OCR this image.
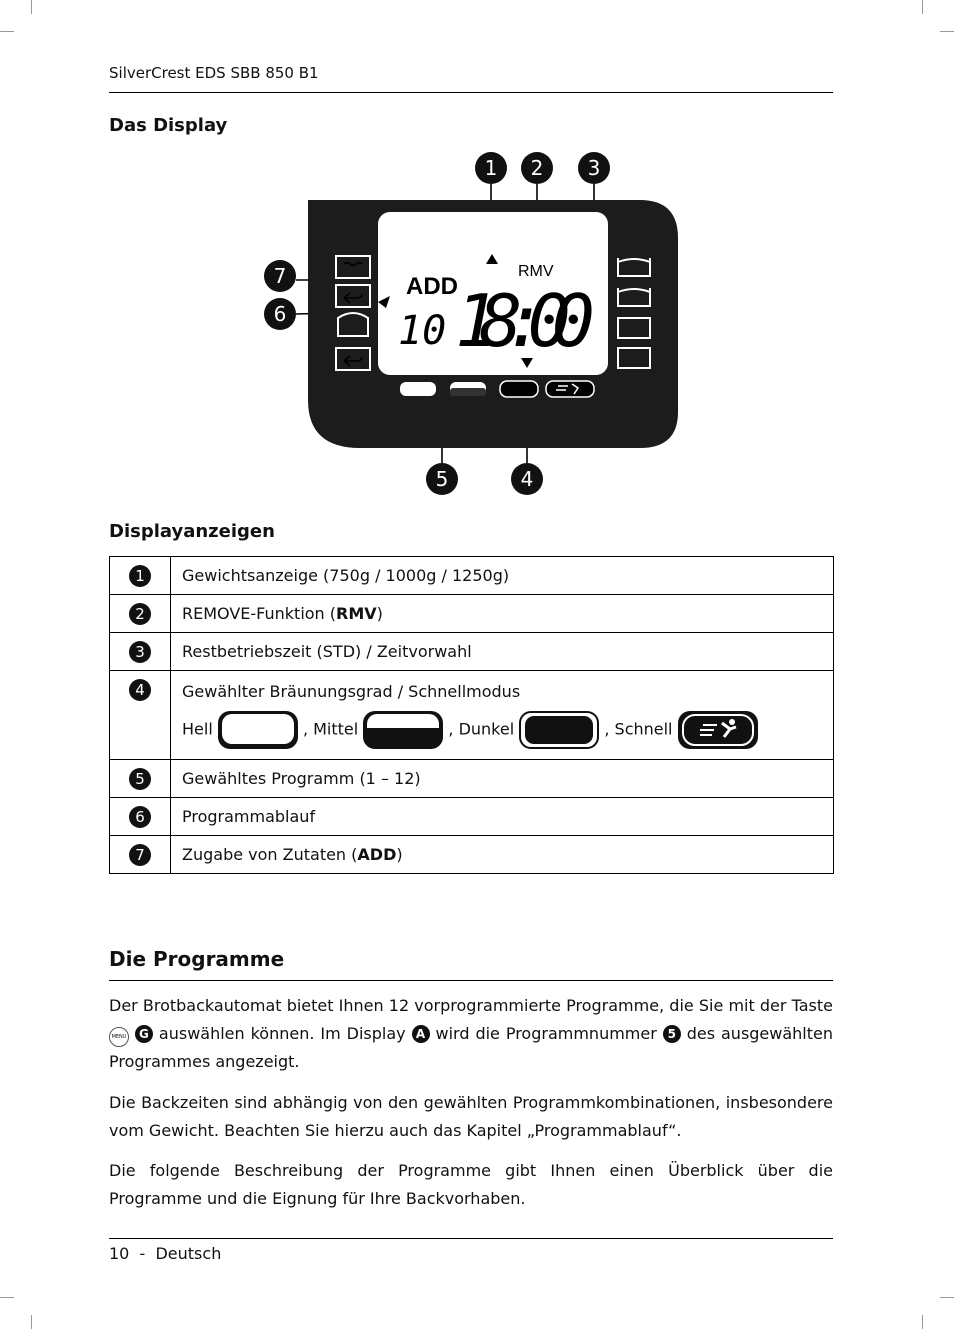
SilverCrest EDS SBB 850 B1
Das Display
750g	1000g	1250g
RMV
ADD
10 18:00
1 2 3
7
6
5	4
Displayanzeigen
1	Gewichtsanzeige (750g / 1000g / 1250g)
2	REMOVE-Funktion (RMV)
3	Restbetriebszeit (STD) / Zeitvorwahl
4	Gewählter Bräunungsgrad / Schnellmodus
Hell , Mittel , Dunkel , Schnell

5	Gewähltes Programm (1 – 12)
6	Programmablauf
7	Zugabe von Zutaten (ADD)
Die Programme
Der Brotbackautomat bietet Ihnen 12 vorprogrammierte Programme, die Sie mit der Taste MENU G auswählen können. Im Display A wird die Programmnummer 5 des ausgewählten Programmes angezeigt.
Die Backzeiten sind abhängig von den gewählten Programmkombinationen, insbesondere vom Gewicht. Beachten Sie hierzu auch das Kapitel „Programmablauf“.
Die folgende Beschreibung der Programme gibt Ihnen einen Überblick über die Programme und die Eignung für Ihre Backvorhaben.
10  -  Deutsch
